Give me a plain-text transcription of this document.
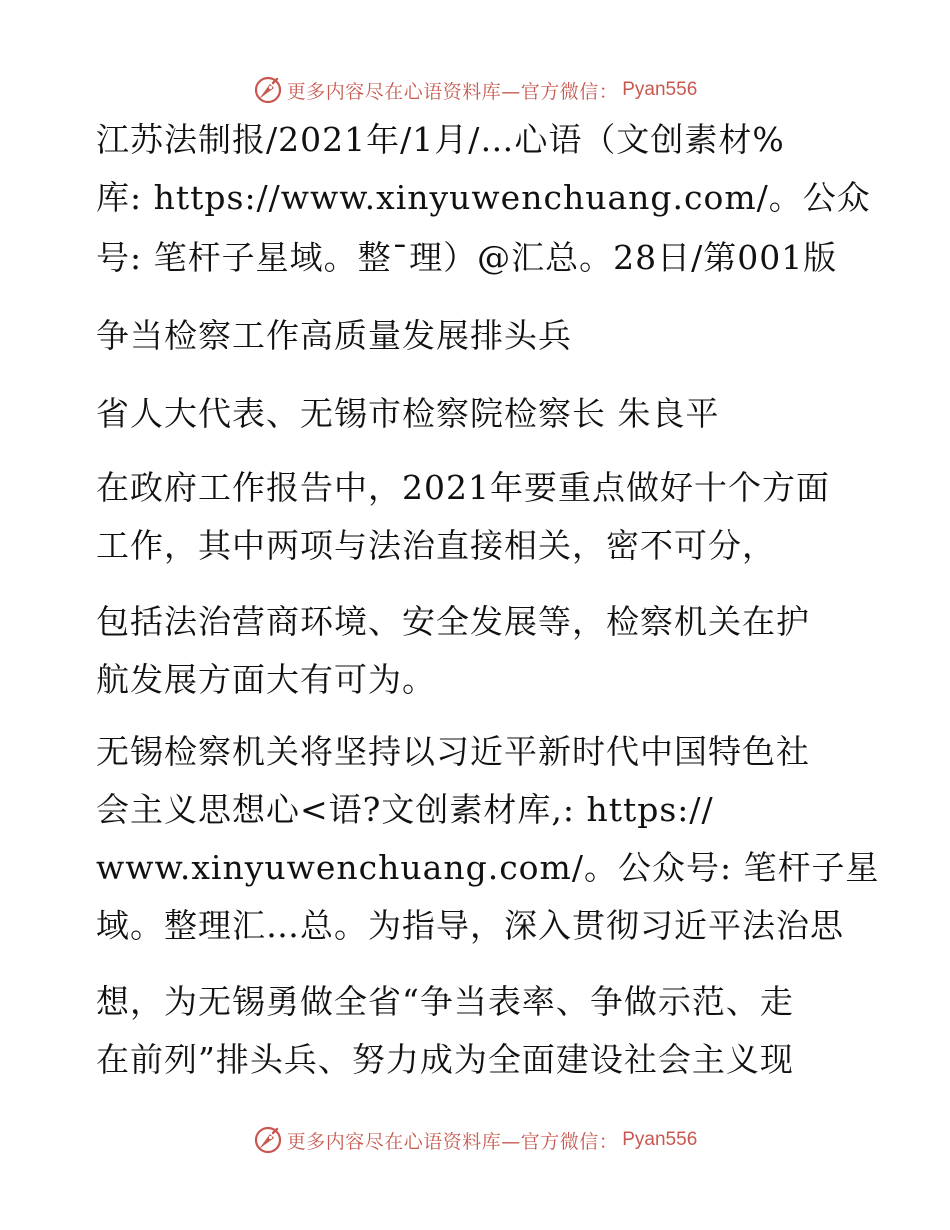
更多内容尽在心语资料库—官方微信： Pyan556
江苏法制报/2021年/1月/…心语（文创素材%
库: https://www.xinyuwenchuang.com/。公众
号: 笔杆子星域。整¯理）@汇总。28日/第001版
争当检察工作高质量发展排头兵
省人大代表、无锡市检察院检察长 朱良平
在政府工作报告中，2021年要重点做好十个方面
工作，其中两项与法治直接相关，密不可分，
包括法治营商环境、安全发展等，检察机关在护
航发展方面大有可为。
无锡检察机关将坚持以习近平新时代中国特色社
会主义思想心<语?文创素材库,: https://
www.xinyuwenchuang.com/。公众号: 笔杆子星
域。整理汇…总。为指导，深入贯彻习近平法治思
想，为无锡勇做全省“争当表率、争做示范、走
在前列”排头兵、努力成为全面建设社会主义现
更多内容尽在心语资料库—官方微信： Pyan556
